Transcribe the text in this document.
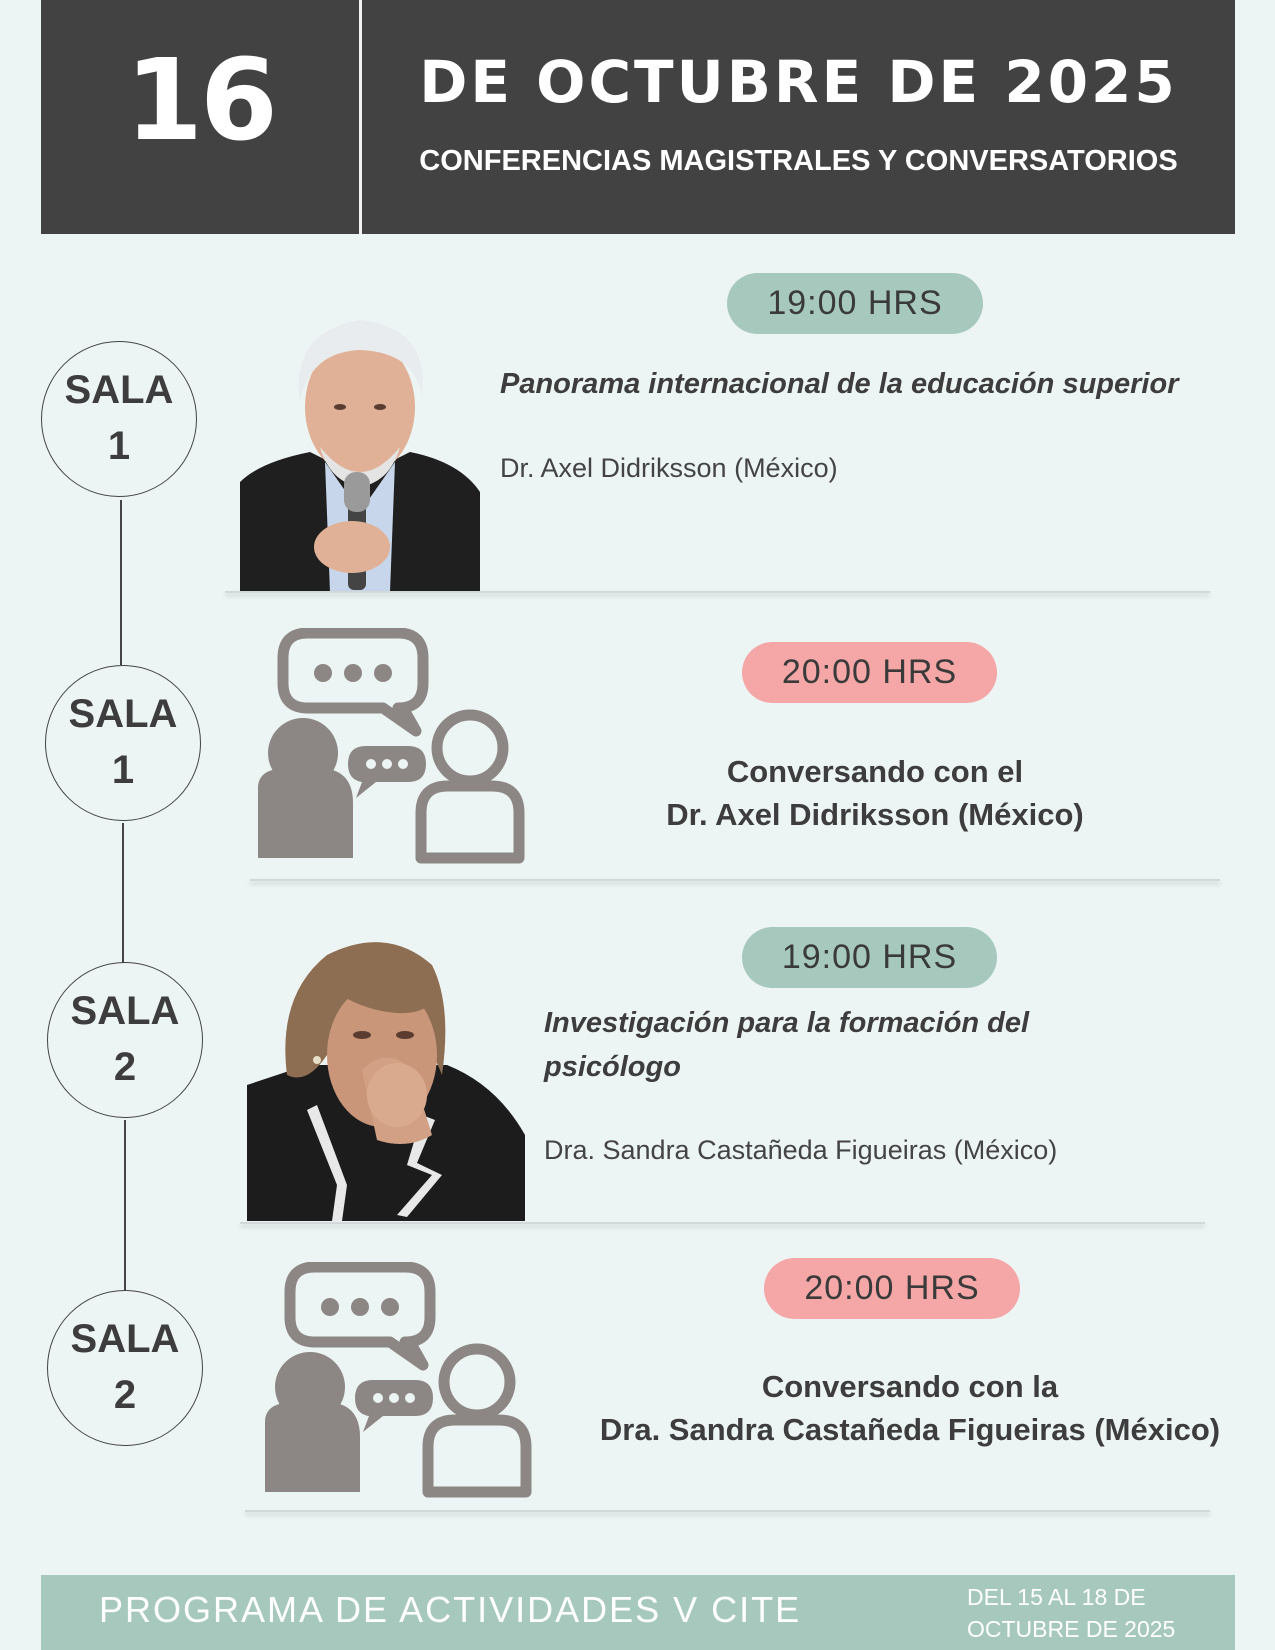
16	DE OCTUBRE DE 2025
CONFERENCIAS MAGISTRALES Y CONVERSATORIOS
SALA
1
19:00 HRS
Panorama internacional de la educación superior
Dr. Axel Didriksson (México)
SALA
1
20:00 HRS
Conversando con el
Dr. Axel Didriksson (México)
SALA
2
19:00 HRS
Investigación para la formación del
psicólogo
Dra. Sandra Castañeda Figueiras (México)
SALA
2
20:00 HRS
Conversando con la
Dra. Sandra Castañeda Figueiras (México)
PROGRAMA DE ACTIVIDADES V CITE	DEL 15 AL 18 DE
OCTUBRE DE 2025
